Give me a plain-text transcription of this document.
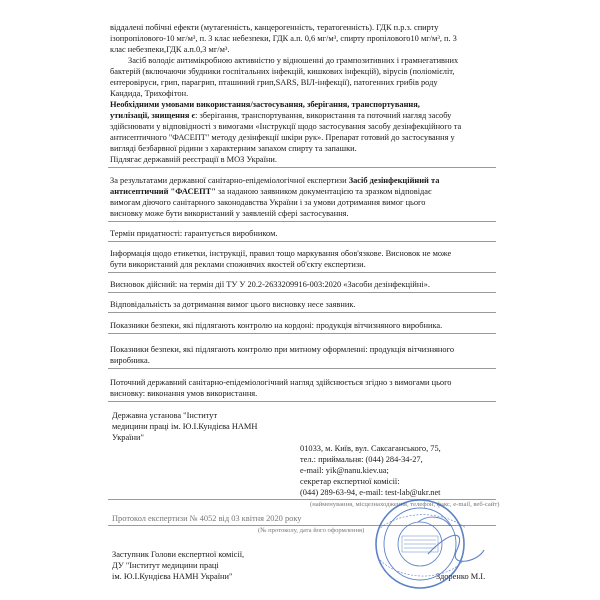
віддалені побічні ефекти (мутагенність, канцерогенність, тератогенність). ГДК п.р.з. спирту
ізопропілового-10 мг/м³, п. 3 клас небезпеки, ГДК а.п. 0,6 мг/м³, спирту пропілового10 мг/м³, п. 3
клас небезпеки,ГДК а.п.0,3 мг/м³.
Засіб володіє антимікробною активністю у відношенні до грампозитивних і грамнегативних
бактерій (включаючи збудники госпітальних інфекцій, кишкових інфекцій), вірусів (поліомієліт,
ентеровіруси, грип, парагрип, пташиний грип,SARS, ВІЛ-інфекції), патогенних грибів роду
Кандида, Трихофітон.
Необхідними умовами використання/застосування, зберігання, транспортування,
утилізації, знищення є: зберігання, транспортування, використання та поточний нагляд засобу
здійснювати у відповідності з вимогами «Інструкції щодо застосування засобу дезінфекційного та
антисептичного "ФАСЕПТ" методу дезінфекції шкіри рук». Препарат готовий до застосування у
вигляді безбарвної рідини з характерним запахом спирту та запашки.
Підлягає державній реєстрації в МОЗ України.
За результатами державної санітарно-епідеміологічної експертизи Засіб дезінфекційний та
антисептичний "ФАСЕПТ" за наданою заявником документацією та зразком відповідає
вимогам діючого санітарного законодавства України і за умови дотримання вимог цього
висновку може бути використаний у заявленій сфері застосування.
Термін придатності: гарантується виробником.
Інформація щодо етикетки, інструкції, правил тощо маркування обов'язкове. Висновок не може
бути використаний для реклами споживчих якостей об'єкту експертизи.
Висновок дійсний: на термін дії ТУ У 20.2-2633209916-003:2020 «Засоби дезінфекційні».
Відповідальність за дотримання вимог цього висновку несе заявник.
Показники безпеки, які підлягають контролю на кордоні: продукція вітчизняного виробника.
Показники безпеки, які підлягають контролю при митному оформленні: продукція вітчизняного
виробника.
Поточний державний санітарно-епідеміологічний нагляд здійснюється згідно з вимогами цього
висновку: виконання умов використання.
Державна установа "Інститут
медицини праці ім. Ю.І.Кундієва НАМН
України"
01033, м. Київ, вул. Саксаганського, 75,
тел.: приймальня: (044) 284-34-27,
e-mail: yik@nanu.kiev.ua;
секретар експертної комісії:
(044) 289-63-94, e-mail: test-lab@ukr.net
(найменування, місцезнаходження, телефон, факс, e-mail, веб-сайт)
Протокол експертизи № 4052 від 03 квітня 2020 року
(№ протоколу, дата його оформлення)
Заступник Голови експертної комісії,
ДУ "Інститут медицини праці
ім. Ю.І.Кундієва НАМН України"	Здоренко М.І.
